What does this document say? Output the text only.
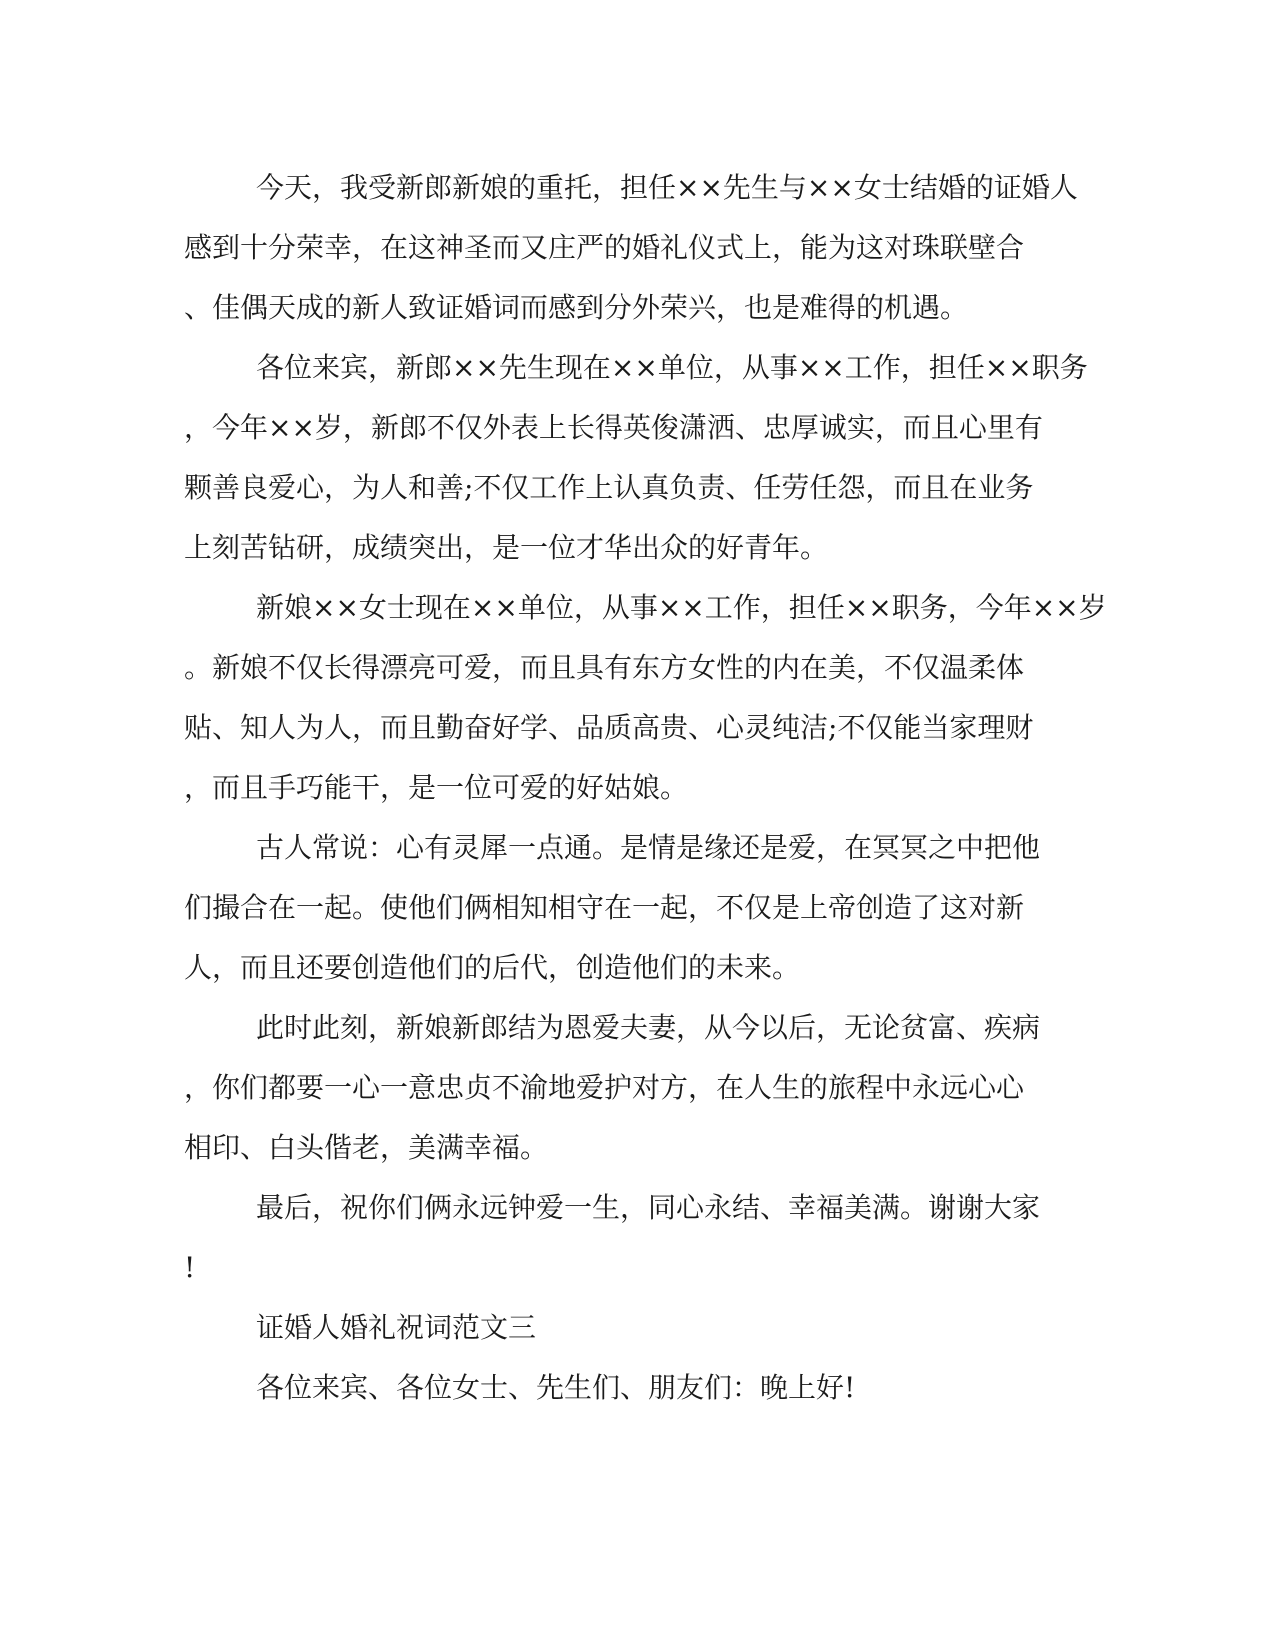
今天，我受新郎新娘的重托，担任××先生与××女士结婚的证婚人
感到十分荣幸，在这神圣而又庄严的婚礼仪式上，能为这对珠联壁合
、佳偶天成的新人致证婚词而感到分外荣兴，也是难得的机遇。
各位来宾，新郎××先生现在××单位，从事××工作，担任××职务
，今年××岁，新郎不仅外表上长得英俊潇洒、忠厚诚实，而且心里有
颗善良爱心，为人和善;不仅工作上认真负责、任劳任怨，而且在业务
上刻苦钻研，成绩突出，是一位才华出众的好青年。
新娘××女士现在××单位，从事××工作，担任××职务，今年××岁
。新娘不仅长得漂亮可爱，而且具有东方女性的内在美，不仅温柔体
贴、知人为人，而且勤奋好学、品质高贵、心灵纯洁;不仅能当家理财
，而且手巧能干，是一位可爱的好姑娘。
古人常说：心有灵犀一点通。是情是缘还是爱，在冥冥之中把他
们撮合在一起。使他们俩相知相守在一起，不仅是上帝创造了这对新
人，而且还要创造他们的后代，创造他们的未来。
此时此刻，新娘新郎结为恩爱夫妻，从今以后，无论贫富、疾病
，你们都要一心一意忠贞不渝地爱护对方，在人生的旅程中永远心心
相印、白头偕老，美满幸福。
最后，祝你们俩永远钟爱一生，同心永结、幸福美满。谢谢大家
!
证婚人婚礼祝词范文三
各位来宾、各位女士、先生们、朋友们：晚上好!
